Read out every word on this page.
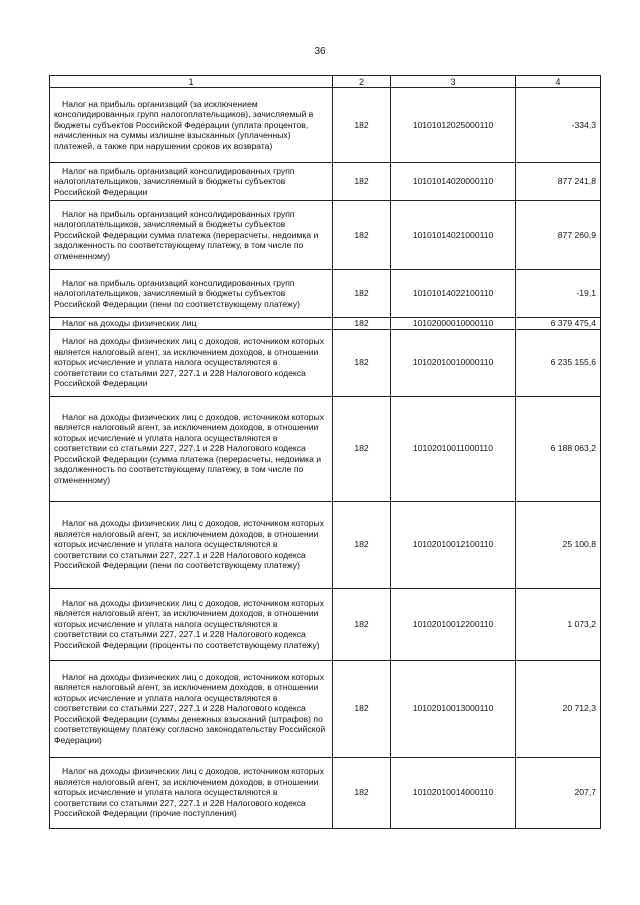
36
1	2	3	4
Налог на прибыль организаций (за исключением консолидированных групп налогоплательщиков), зачисляемый в бюджеты субъектов Российской Федерации (уплата процентов, начисленных на суммы излишне взысканных (уплаченных) платежей, а также при нарушении сроков их возврата)	182	10101012025000110	-334,3
Налог на прибыль организаций консолидированных групп налогоплательщиков, зачисляемый в бюджеты субъектов Российской Федерации	182	10101014020000110	877 241,8
Налог на прибыль организаций консолидированных групп налогоплательщиков, зачисляемый в бюджеты субъектов Российской Федерации сумма платежа (перерасчеты, недоимка и задолженность по соответствующему платежу, в том числе по отмененному)	182	10101014021000110	877 260,9
Налог на прибыль организаций консолидированных групп налогоплательщиков, зачисляемый в бюджеты субъектов Российской Федерации (пени по соответствующему платежу)	182	10101014022100110	-19,1
Налог на доходы физических лиц	182	10102000010000110	6 379 475,4
Налог на доходы физических лиц с доходов, источником которых является налоговый агент, за исключением доходов, в отношении которых исчисление и уплата налога осуществляются в соответствии со статьями 227, 227.1 и 228 Налогового кодекса Российской Федерации	182	10102010010000110	6 235 155,6
Налог на доходы физических лиц с доходов, источником которых является налоговый агент, за исключением доходов, в отношении которых исчисление и уплата налога осуществляются в соответствии со статьями 227, 227.1 и 228 Налогового кодекса Российской Федерации (сумма платежа (перерасчеты, недоимка и задолженность по соответствующему платежу, в том числе по отмененному)	182	10102010011000110	6 188 063,2
Налог на доходы физических лиц с доходов, источником которых является налоговый агент, за исключением доходов, в отношении которых исчисление и уплата налога осуществляются в соответствии со статьями 227, 227.1 и 228 Налогового кодекса Российской Федерации (пени по соответствующему платежу)	182	10102010012100110	25 100,8
Налог на доходы физических лиц с доходов, источником которых является налоговый агент, за исключением доходов, в отношении которых исчисление и уплата налога осуществляются в соответствии со статьями 227, 227.1 и 228 Налогового кодекса Российской Федерации (проценты по соответствующему платежу)	182	10102010012200110	1 073,2
Налог на доходы физических лиц с доходов, источником которых является налоговый агент, за исключением доходов, в отношении которых исчисление и уплата налога осуществляются в соответствии со статьями 227, 227.1 и 228 Налогового кодекса Российской Федерации (суммы денежных взысканий (штрафов) по соответствующему платежу согласно законодательству Российской Федерации)	182	10102010013000110	20 712,3
Налог на доходы физических лиц с доходов, источником которых является налоговый агент, за исключением доходов, в отношении которых исчисление и уплата налога осуществляются в соответствии со статьями 227, 227.1 и 228 Налогового кодекса Российской Федерации (прочие поступления)	182	10102010014000110	207,7
